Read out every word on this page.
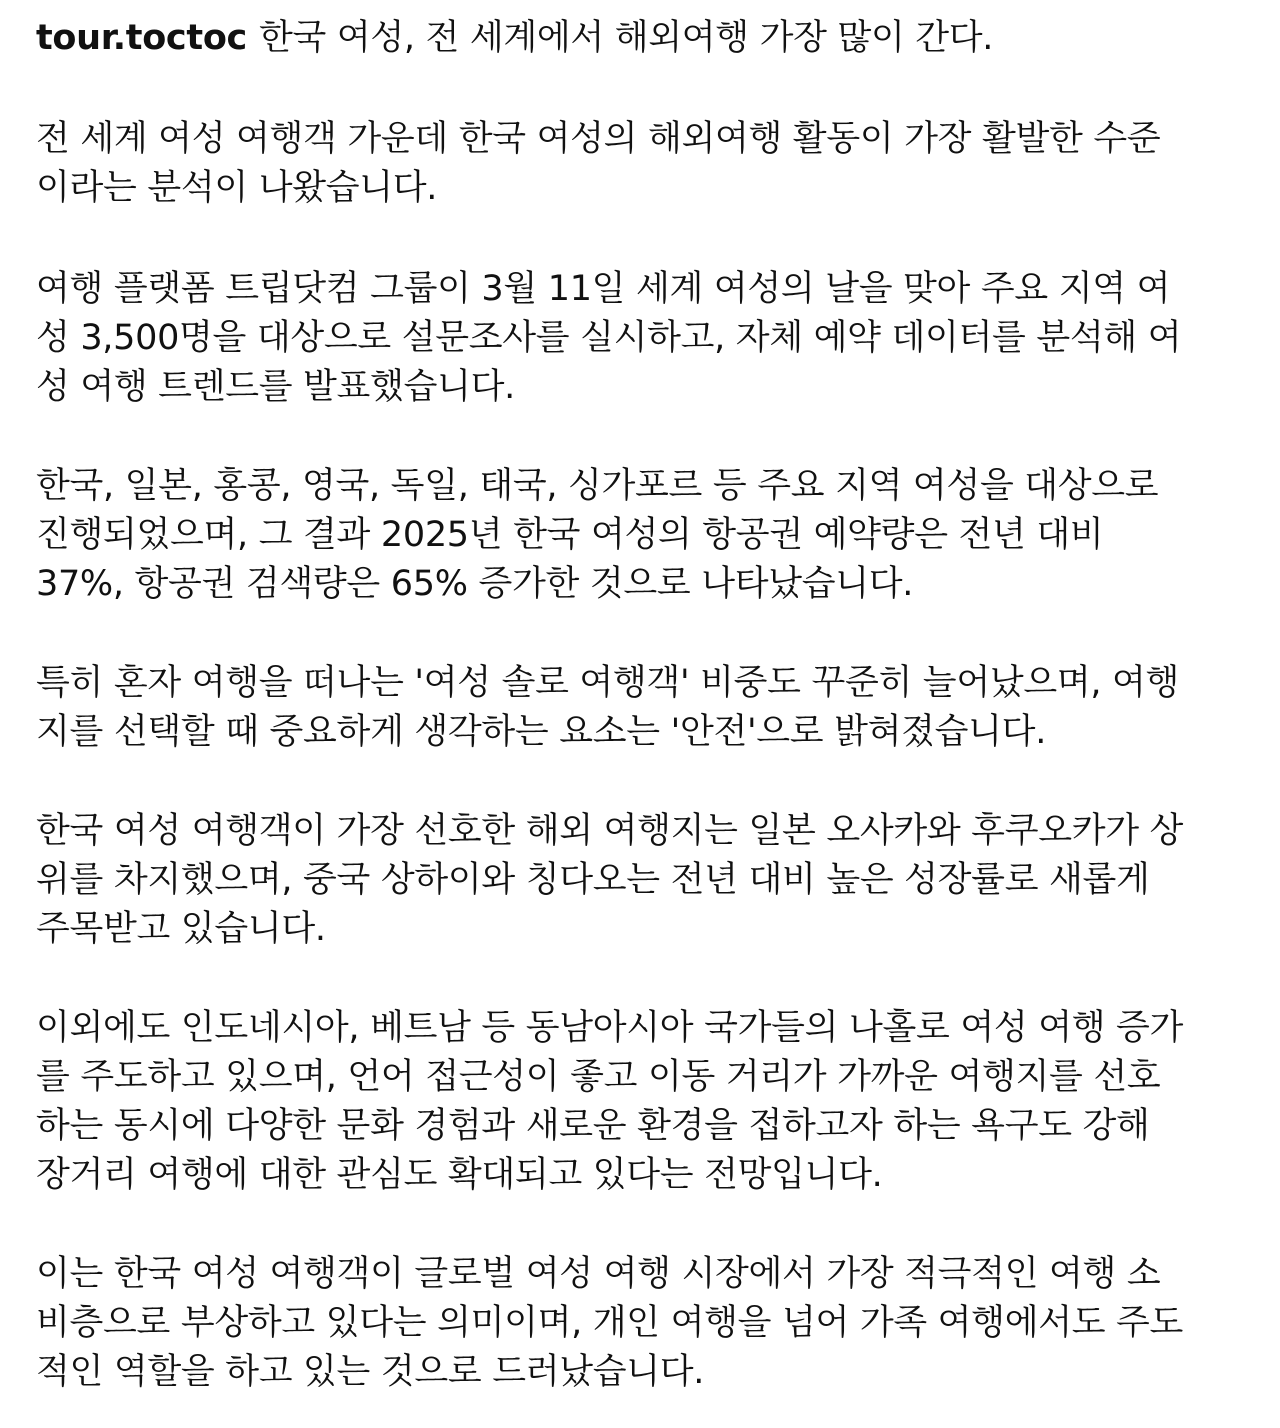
tour.toctoc 한국 여성, 전 세계에서 해외여행 가장 많이 간다.

전 세계 여성 여행객 가운데 한국 여성의 해외여행 활동이 가장 활발한 수준
이라는 분석이 나왔습니다.

여행 플랫폼 트립닷컴 그룹이 3월 11일 세계 여성의 날을 맞아 주요 지역 여
성 3,500명을 대상으로 설문조사를 실시하고, 자체 예약 데이터를 분석해 여
성 여행 트렌드를 발표했습니다.

한국, 일본, 홍콩, 영국, 독일, 태국, 싱가포르 등 주요 지역 여성을 대상으로
진행되었으며, 그 결과 2025년 한국 여성의 항공권 예약량은 전년 대비
37%, 항공권 검색량은 65% 증가한 것으로 나타났습니다.

특히 혼자 여행을 떠나는 '여성 솔로 여행객' 비중도 꾸준히 늘어났으며, 여행
지를 선택할 때 중요하게 생각하는 요소는 '안전'으로 밝혀졌습니다.

한국 여성 여행객이 가장 선호한 해외 여행지는 일본 오사카와 후쿠오카가 상
위를 차지했으며, 중국 상하이와 칭다오는 전년 대비 높은 성장률로 새롭게
주목받고 있습니다.

이외에도 인도네시아, 베트남 등 동남아시아 국가들의 나홀로 여성 여행 증가
를 주도하고 있으며, 언어 접근성이 좋고 이동 거리가 가까운 여행지를 선호
하는 동시에 다양한 문화 경험과 새로운 환경을 접하고자 하는 욕구도 강해
장거리 여행에 대한 관심도 확대되고 있다는 전망입니다.

이는 한국 여성 여행객이 글로벌 여성 여행 시장에서 가장 적극적인 여행 소
비층으로 부상하고 있다는 의미이며, 개인 여행을 넘어 가족 여행에서도 주도
적인 역할을 하고 있는 것으로 드러났습니다.
